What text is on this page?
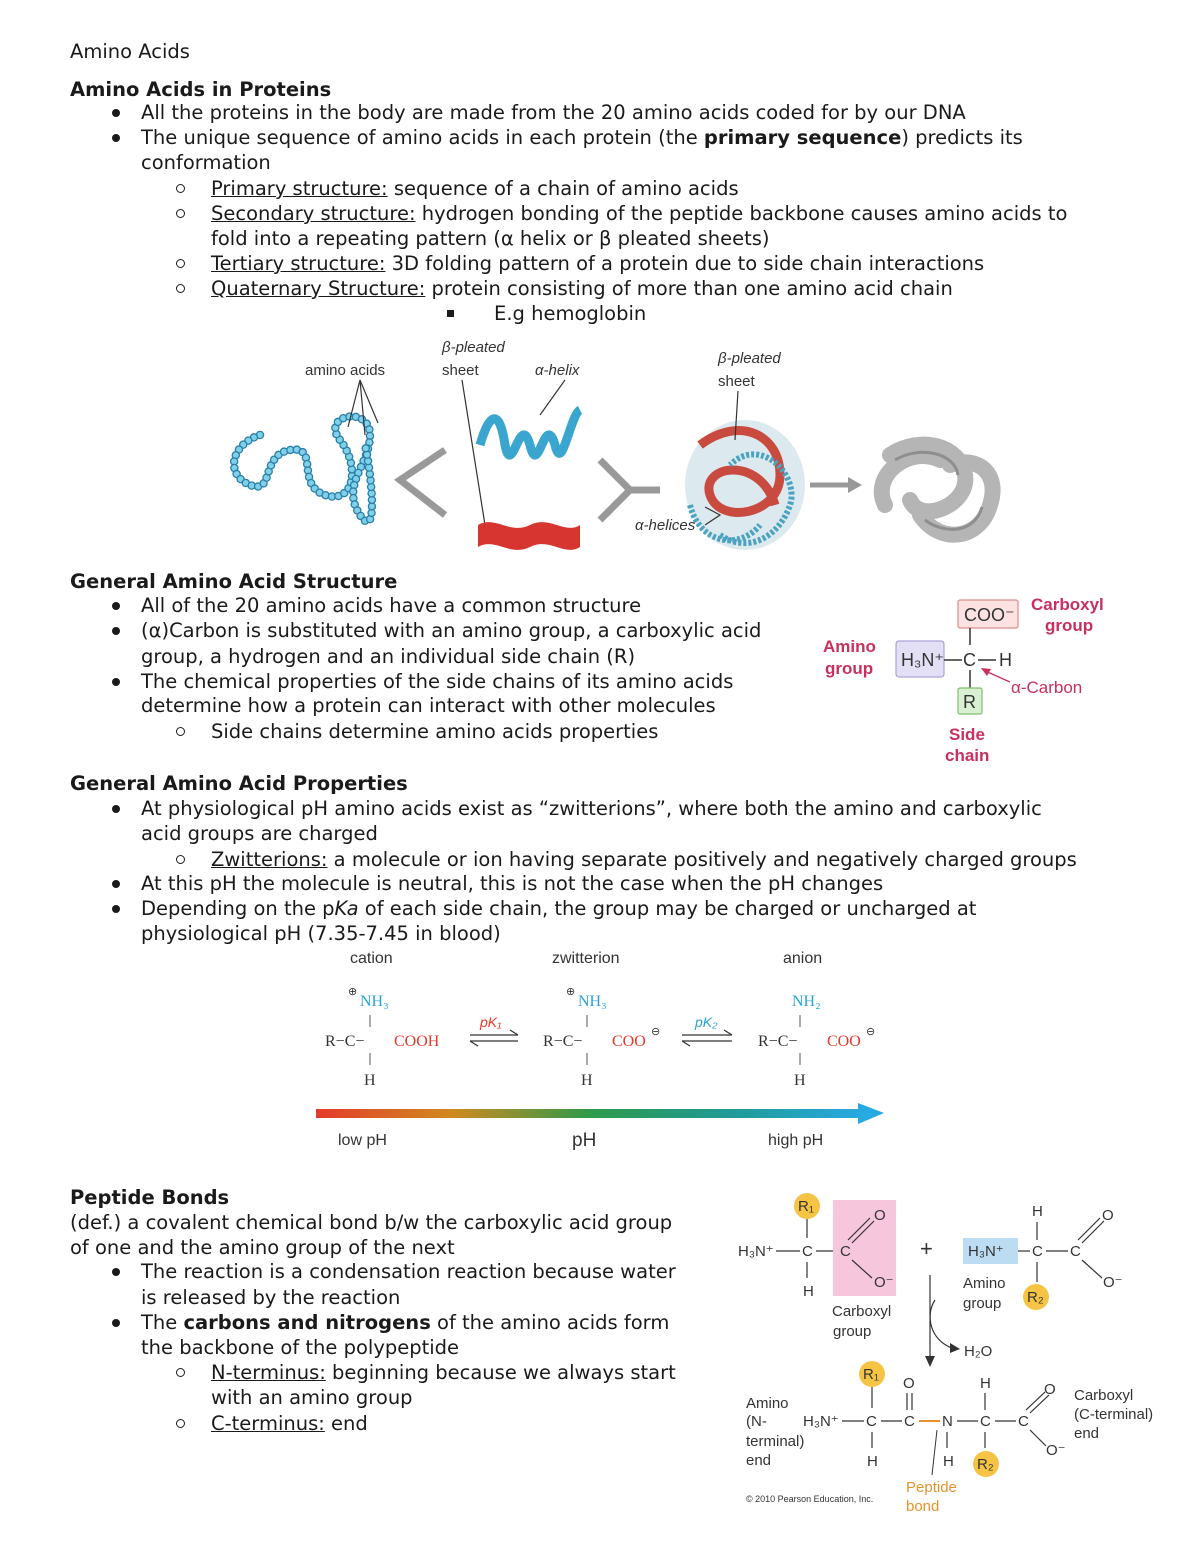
Amino Acids
Amino Acids in Proteins
All the proteins in the body are made from the 20 amino acids coded for by our DNA
The unique sequence of amino acids in each protein (the primary sequence) predicts its
conformation
Primary structure: sequence of a chain of amino acids
Secondary structure: hydrogen bonding of the peptide backbone causes amino acids to
fold into a repeating pattern (α helix or β pleated sheets)
Tertiary structure: 3D folding pattern of a protein due to side chain interactions
Quaternary Structure: protein consisting of more than one amino acid chain
E.g hemoglobin
amino acids
β-pleated
sheet	α-helix
β-pleated
sheet
α-helices
General Amino Acid Structure
All of the 20 amino acids have a common structure
(α)Carbon is substituted with an amino group, a carboxylic acid
group, a hydrogen and an individual side chain (R)
The chemical properties of the side chains of its amino acids
determine how a protein can interact with other molecules
Side chains determine amino acids properties
COO⁻
Carboxyl
group
Amino
group H₃N⁺ C H
R
α-Carbon
Side
chain
General Amino Acid Properties
At physiological pH amino acids exist as “zwitterions”, where both the amino and carboxylic
acid groups are charged
Zwitterions: a molecule or ion having separate positively and negatively charged groups
At this pH the molecule is neutral, this is not the case when the pH changes
Depending on the pKa of each side chain, the group may be charged or uncharged at
physiological pH (7.35-7.45 in blood)
cation	zwitterion	anion
⊕
NH₃
R−C− COOH
H
pK₁
⊕
NH₃
R−C− COO
⊖
H
pK₂
NH₂
R−C− COO
⊖
H
low pH	pH	high pH
Peptide Bonds
(def.) a covalent chemical bond b/w the carboxylic acid group
of one and the amino group of the next
The reaction is a condensation reaction because water
is released by the reaction
The carbons and nitrogens of the amino acids form
the backbone of the polypeptide
N-terminus: beginning because we always start
with an amino group
C-terminus: end
R₁
H₃N⁺ C
H
C
O
O⁻
Carboxyl
group
+ H₃N⁺ C
H
C
O
O⁻
Amino
group R₂
H₂O
R₁
H₃N⁺ C
H
C
O
N
H
C
H
R₂
C
O
O⁻
Peptide
bond
Amino
(N-
terminal)
end
Carboxyl
(C-terminal)
end
© 2010 Pearson Education, Inc.
